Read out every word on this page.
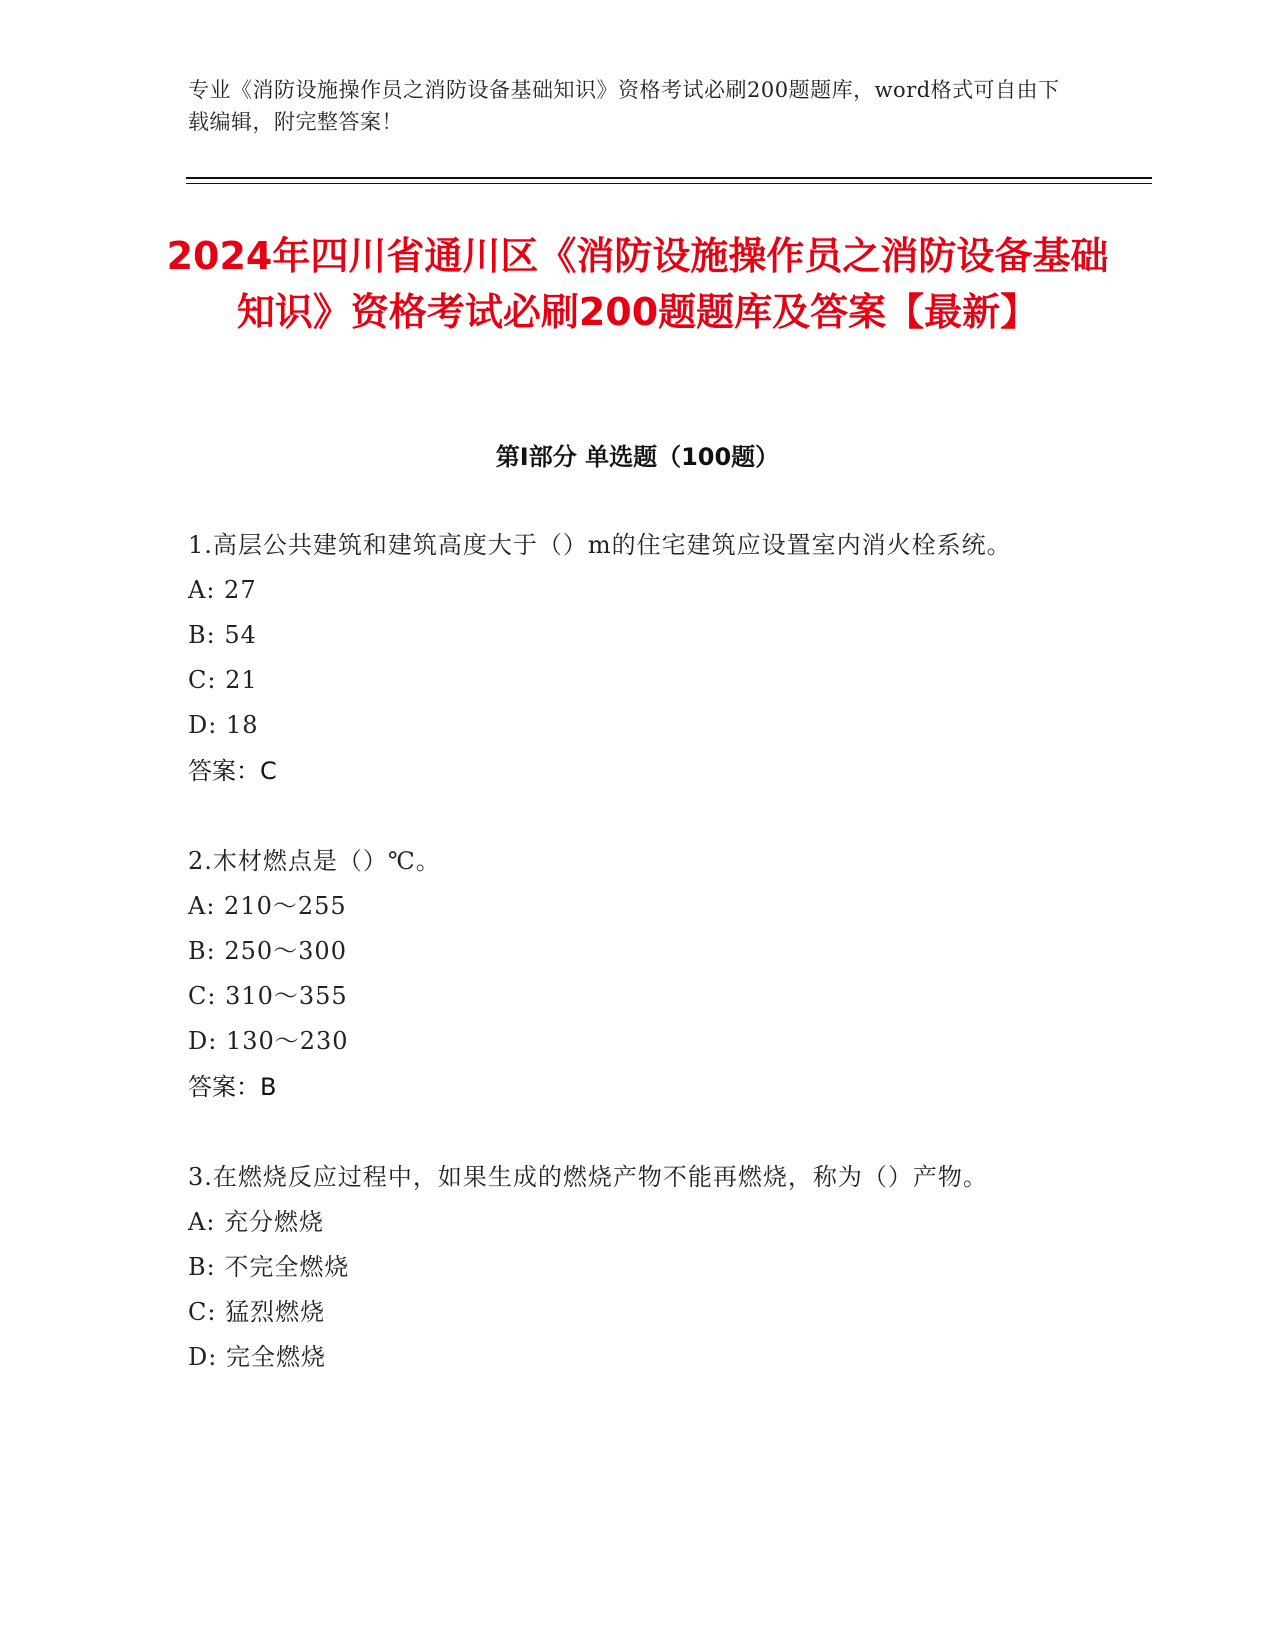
专业《消防设施操作员之消防设备基础知识》资格考试必刷200题题库，word格式可自由下载编辑，附完整答案！
2024年四川省通川区《消防设施操作员之消防设备基础知识》资格考试必刷200题题库及答案【最新】
第Ⅰ部分 单选题（100题）

1.高层公共建筑和建筑高度大于（）m的住宅建筑应设置室内消火栓系统。

A: 27

B: 54

C: 21

D: 18

答案：C

2.木材燃点是（）℃。

A: 210～255

B: 250～300

C: 310～355

D: 130～230

答案：B

3.在燃烧反应过程中，如果生成的燃烧产物不能再燃烧，称为（）产物。

A: 充分燃烧

B: 不完全燃烧

C: 猛烈燃烧

D: 完全燃烧
